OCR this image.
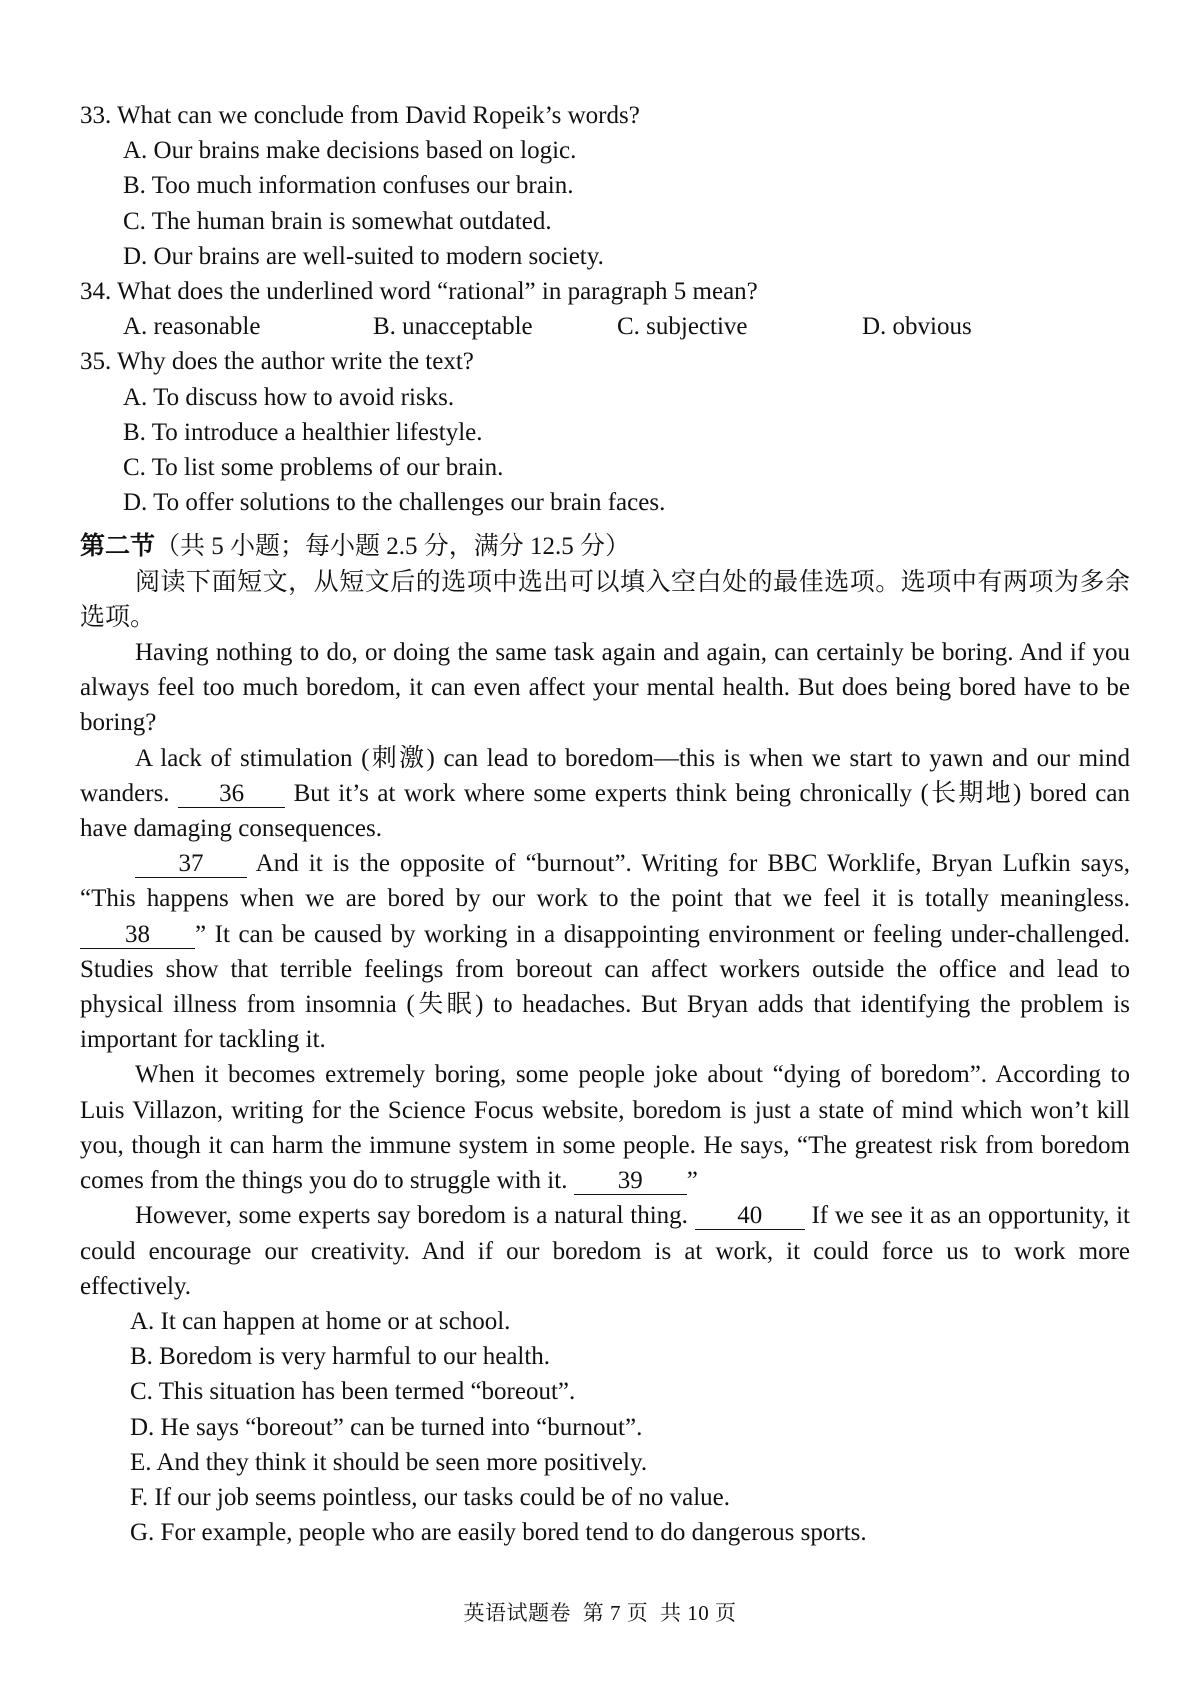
33. What can we conclude from David Ropeik’s words?

A. Our brains make decisions based on logic.

B. Too much information confuses our brain.

C. The human brain is somewhat outdated.

D. Our brains are well-suited to modern society.

34. What does the underlined word “rational” in paragraph 5 mean?

A. reasonable	B. unacceptable	C. subjective	D. obvious

35. Why does the author write the text?

A. To discuss how to avoid risks.

B. To introduce a healthier lifestyle.

C. To list some problems of our brain.

D. To offer solutions to the challenges our brain faces.

第二节（共 5 小题；每小题 2.5 分，满分 12.5 分）

阅读下面短文，从短文后的选项中选出可以填入空白处的最佳选项。选项中有两项为多余选项。

Having nothing to do, or doing the same task again and again, can certainly be boring. And if you always feel too much boredom, it can even affect your mental health. But does being bored have to be boring?

A lack of stimulation (刺激) can lead to boredom—this is when we start to yawn and our mind wanders. 36 But it’s at work where some experts think being chronically (长期地) bored can have damaging consequences.

37 And it is the opposite of “burnout”. Writing for BBC Worklife, Bryan Lufkin says, “This happens when we are bored by our work to the point that we feel it is totally meaningless. 38 ” It can be caused by working in a disappointing environment or feeling under-challenged. Studies show that terrible feelings from boreout can affect workers outside the office and lead to physical illness from insomnia (失眠) to headaches. But Bryan adds that identifying the problem is important for tackling it.

When it becomes extremely boring, some people joke about “dying of boredom”. According to Luis Villazon, writing for the Science Focus website, boredom is just a state of mind which won’t kill you, though it can harm the immune system in some people. He says, “The greatest risk from boredom comes from the things you do to struggle with it. 39 ”

However, some experts say boredom is a natural thing. 40 If we see it as an opportunity, it could encourage our creativity. And if our boredom is at work, it could force us to work more effectively.

A. It can happen at home or at school.

B. Boredom is very harmful to our health.

C. This situation has been termed “boreout”.

D. He says “boreout” can be turned into “burnout”.

E. And they think it should be seen more positively.

F. If our job seems pointless, our tasks could be of no value.

G. For example, people who are easily bored tend to do dangerous sports.

英语试题卷 第 7 页 共 10 页
